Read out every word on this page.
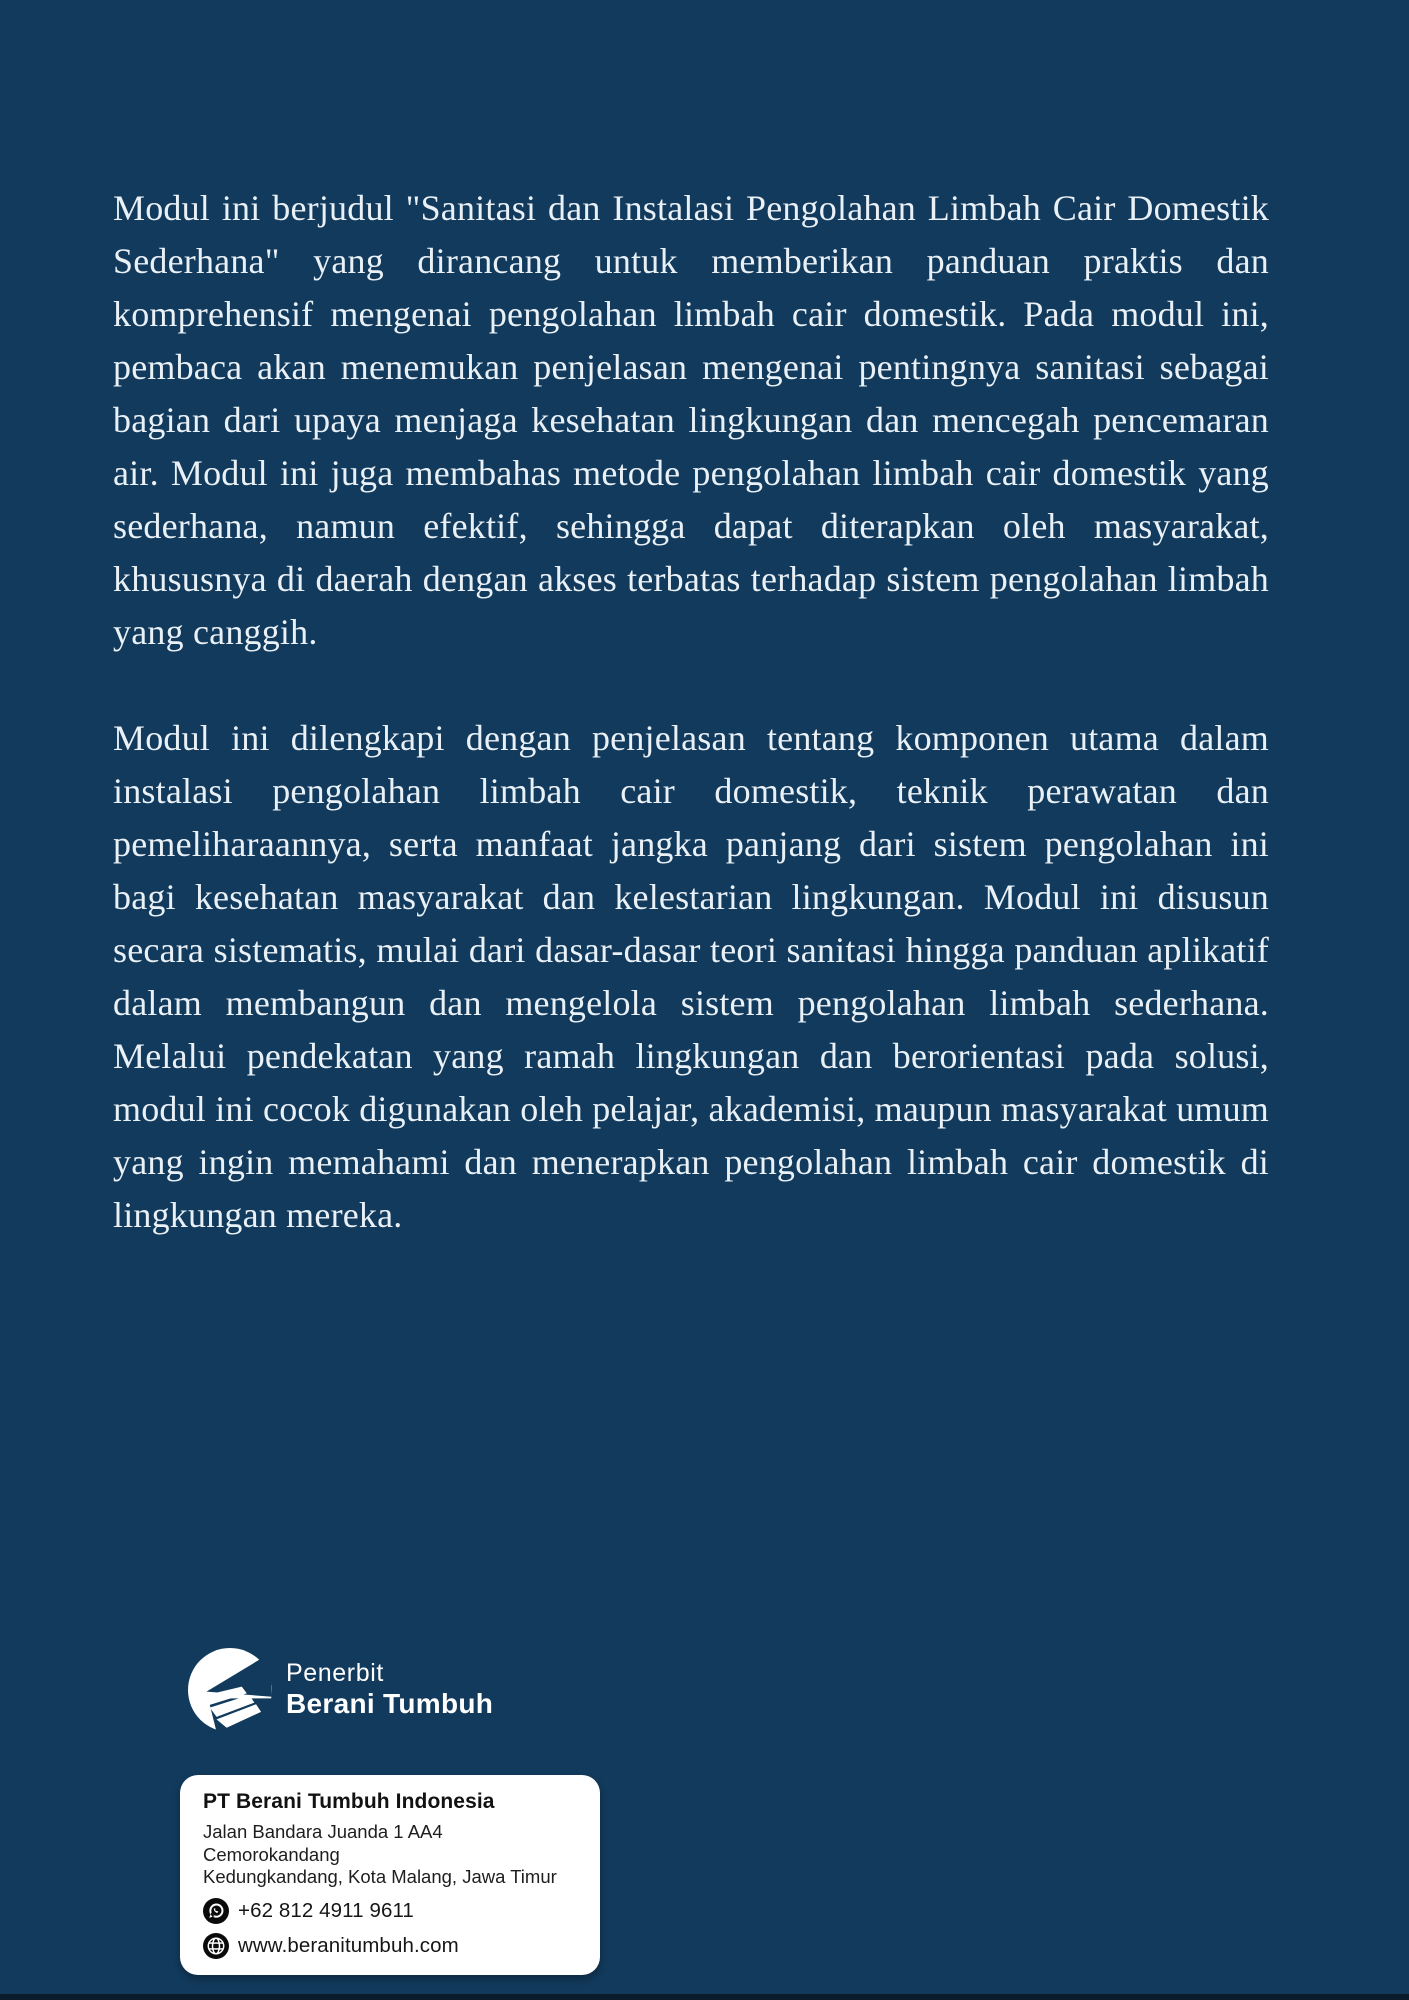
Modul ini berjudul "Sanitasi dan Instalasi Pengolahan Limbah Cair Domestik Sederhana" yang dirancang untuk memberikan panduan praktis dan komprehensif mengenai pengolahan limbah cair domestik. Pada modul ini, pembaca akan menemukan penjelasan mengenai pentingnya sanitasi sebagai bagian dari upaya menjaga kesehatan lingkungan dan mencegah pencemaran air. Modul ini juga membahas metode pengolahan limbah cair domestik yang sederhana, namun efektif, sehingga dapat diterapkan oleh masyarakat, khususnya di daerah dengan akses terbatas terhadap sistem pengolahan limbah yang canggih.

Modul ini dilengkapi dengan penjelasan tentang komponen utama dalam instalasi pengolahan limbah cair domestik, teknik perawatan dan pemeliharaannya, serta manfaat jangka panjang dari sistem pengolahan ini bagi kesehatan masyarakat dan kelestarian lingkungan. Modul ini disusun secara sistematis, mulai dari dasar-dasar teori sanitasi hingga panduan aplikatif dalam membangun dan mengelola sistem pengolahan limbah sederhana. Melalui pendekatan yang ramah lingkungan dan berorientasi pada solusi, modul ini cocok digunakan oleh pelajar, akademisi, maupun masyarakat umum yang ingin memahami dan menerapkan pengolahan limbah cair domestik di lingkungan mereka.

Penerbit
Berani Tumbuh
PT Berani Tumbuh Indonesia
Jalan Bandara Juanda 1 AA4 Cemorokandang
Kedungkandang, Kota Malang, Jawa Timur
+62 812 4911 9611
www.beranitumbuh.com
